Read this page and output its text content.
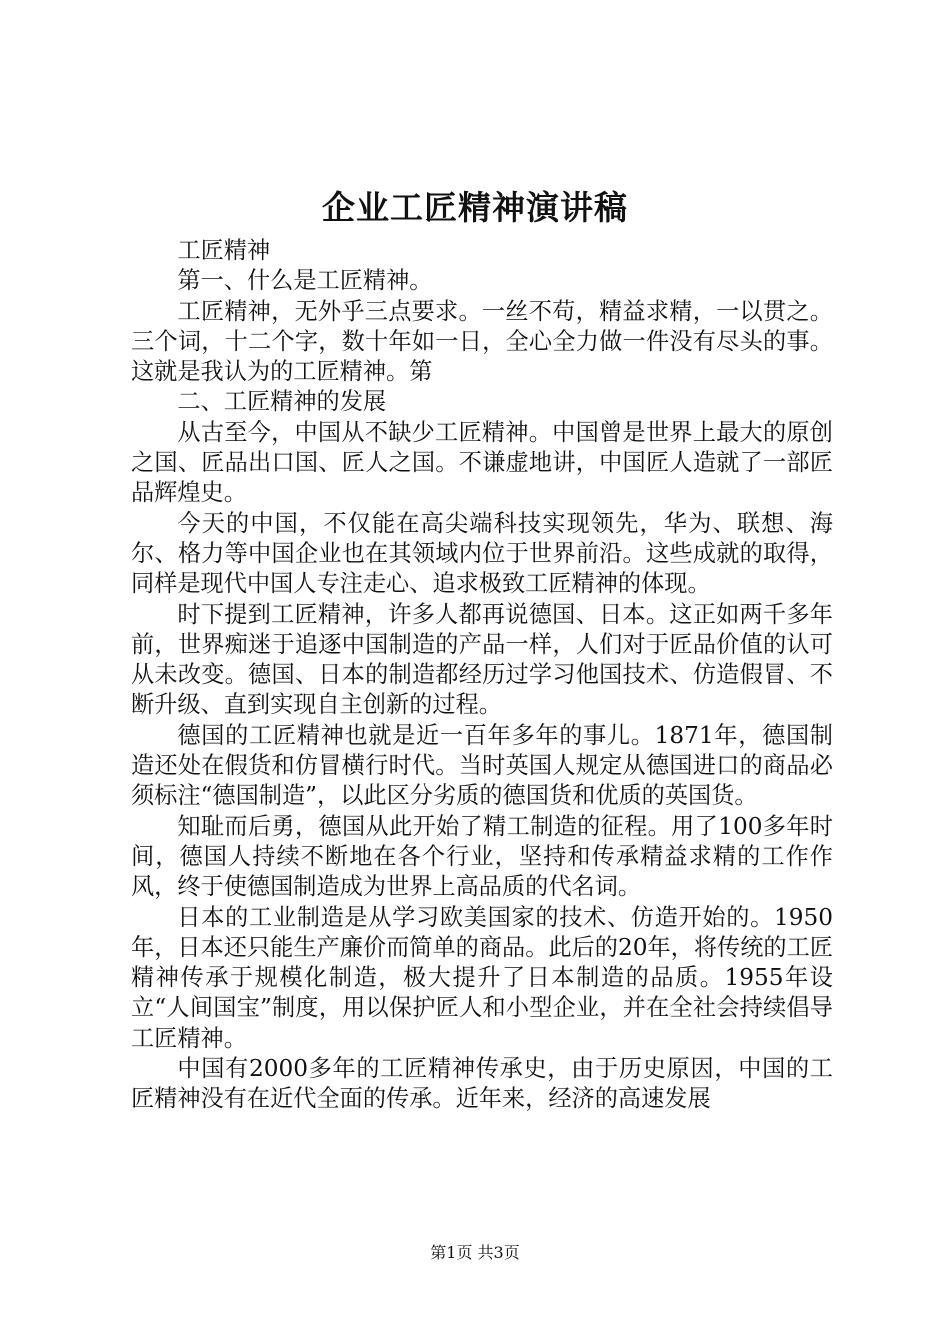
企业工匠精神演讲稿

工匠精神

第一、什么是工匠精神。

工匠精神，无外乎三点要求。一丝不苟，精益求精，一以贯之。三个词，十二个字，数十年如一日，全心全力做一件没有尽头的事。这就是我认为的工匠精神。第

二、工匠精神的发展

从古至今，中国从不缺少工匠精神。中国曾是世界上最大的原创之国、匠品出口国、匠人之国。不谦虚地讲，中国匠人造就了一部匠品辉煌史。

今天的中国，不仅能在高尖端科技实现领先，华为、联想、海尔、格力等中国企业也在其领域内位于世界前沿。这些成就的取得，同样是现代中国人专注走心、追求极致工匠精神的体现。

时下提到工匠精神，许多人都再说德国、日本。这正如两千多年前，世界痴迷于追逐中国制造的产品一样，人们对于匠品价值的认可从未改变。德国、日本的制造都经历过学习他国技术、仿造假冒、不断升级、直到实现自主创新的过程。

德国的工匠精神也就是近一百年多年的事儿。1871年，德国制造还处在假货和仿冒横行时代。当时英国人规定从德国进口的商品必须标注“德国制造”，以此区分劣质的德国货和优质的英国货。

知耻而后勇，德国从此开始了精工制造的征程。用了100多年时间，德国人持续不断地在各个行业，坚持和传承精益求精的工作作风，终于使德国制造成为世界上高品质的代名词。

日本的工业制造是从学习欧美国家的技术、仿造开始的。1950年，日本还只能生产廉价而简单的商品。此后的20年，将传统的工匠精神传承于规模化制造，极大提升了日本制造的品质。1955年设立“人间国宝”制度，用以保护匠人和小型企业，并在全社会持续倡导工匠精神。

中国有2000多年的工匠精神传承史，由于历史原因，中国的工匠精神没有在近代全面的传承。近年来，经济的高速发展

第1页 共3页
